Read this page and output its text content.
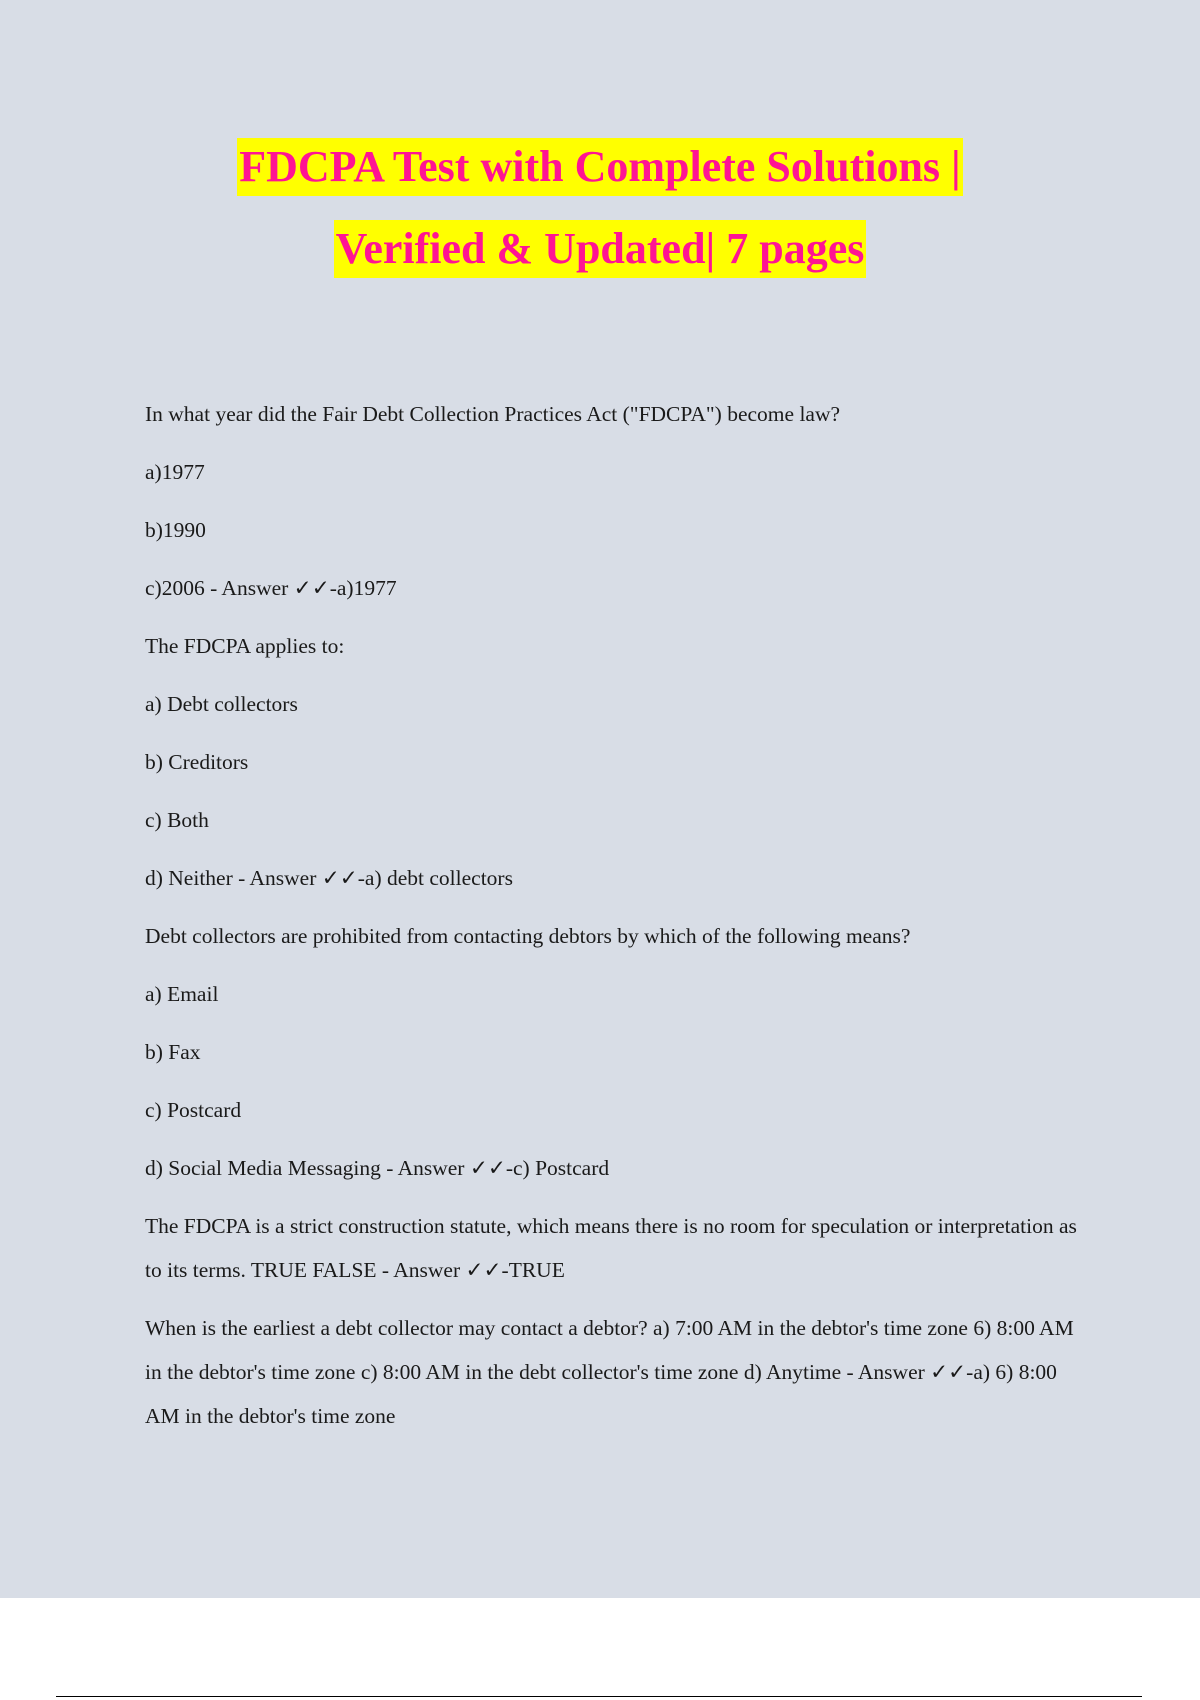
FDCPA Test with Complete Solutions |
Verified & Updated| 7 pages
In what year did the Fair Debt Collection Practices Act ("FDCPA") become law?
a)1977
b)1990
c)2006 - Answer ✓✓-a)1977
The FDCPA applies to:
a) Debt collectors
b) Creditors
c) Both
d) Neither - Answer ✓✓-a) debt collectors
Debt collectors are prohibited from contacting debtors by which of the following means?
a) Email
b) Fax
c) Postcard
d) Social Media Messaging - Answer ✓✓-c) Postcard
The FDCPA is a strict construction statute, which means there is no room for speculation or interpretation as to its terms. TRUE FALSE - Answer ✓✓-TRUE
When is the earliest a debt collector may contact a debtor? a) 7:00 AM in the debtor's time zone 6) 8:00 AM in the debtor's time zone c) 8:00 AM in the debt collector's time zone d) Anytime - Answer ✓✓-a) 6) 8:00 AM in the debtor's time zone
